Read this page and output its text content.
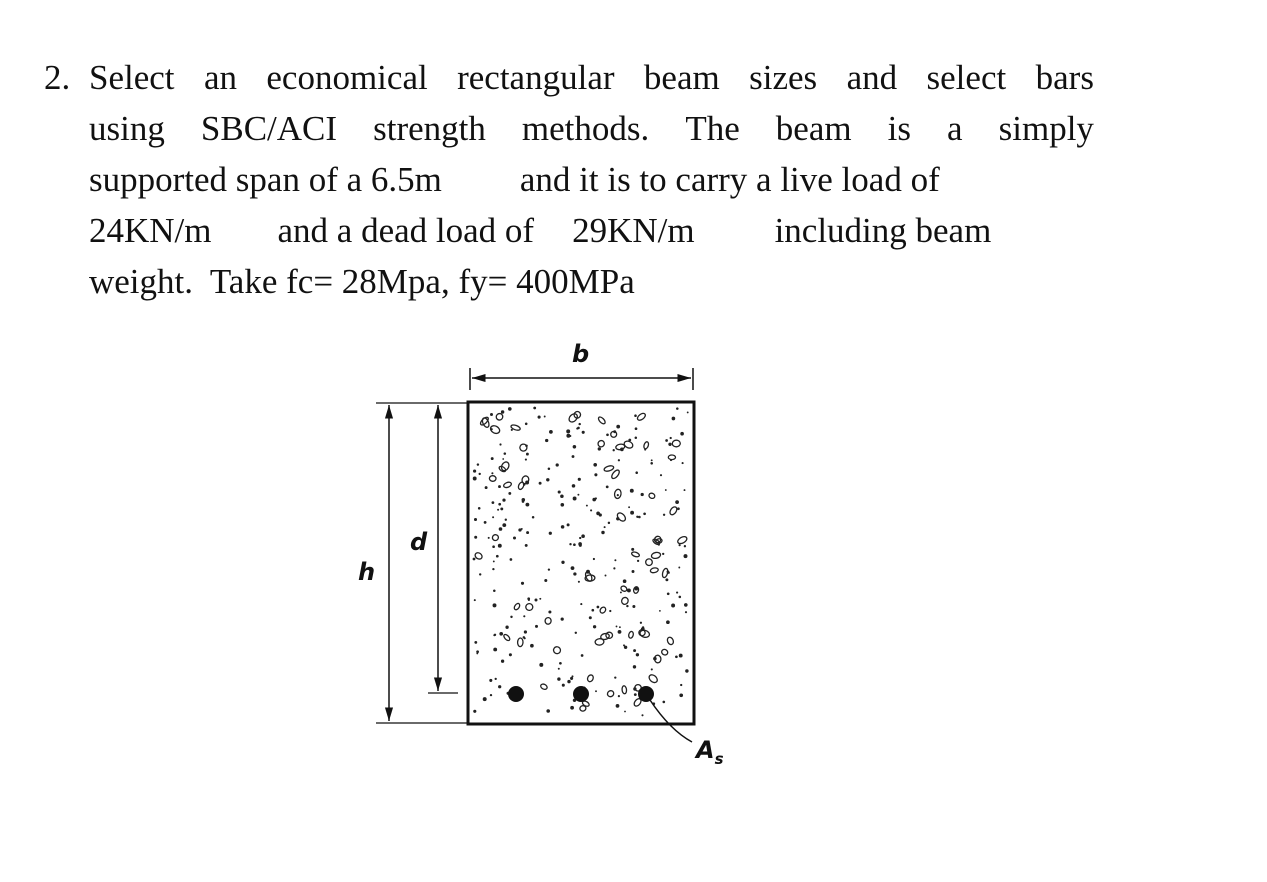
2. Select an economical rectangular beam sizes and select bars
using SBC/ACI strength methods. The beam is a simply
supported span of a 6.5m and it is to carry a live load of
24KN/m and a dead load of 29KN/m including beam
weight.  Take fc= 28Mpa, fy= 400MPa
b
h
d
$A_s$
